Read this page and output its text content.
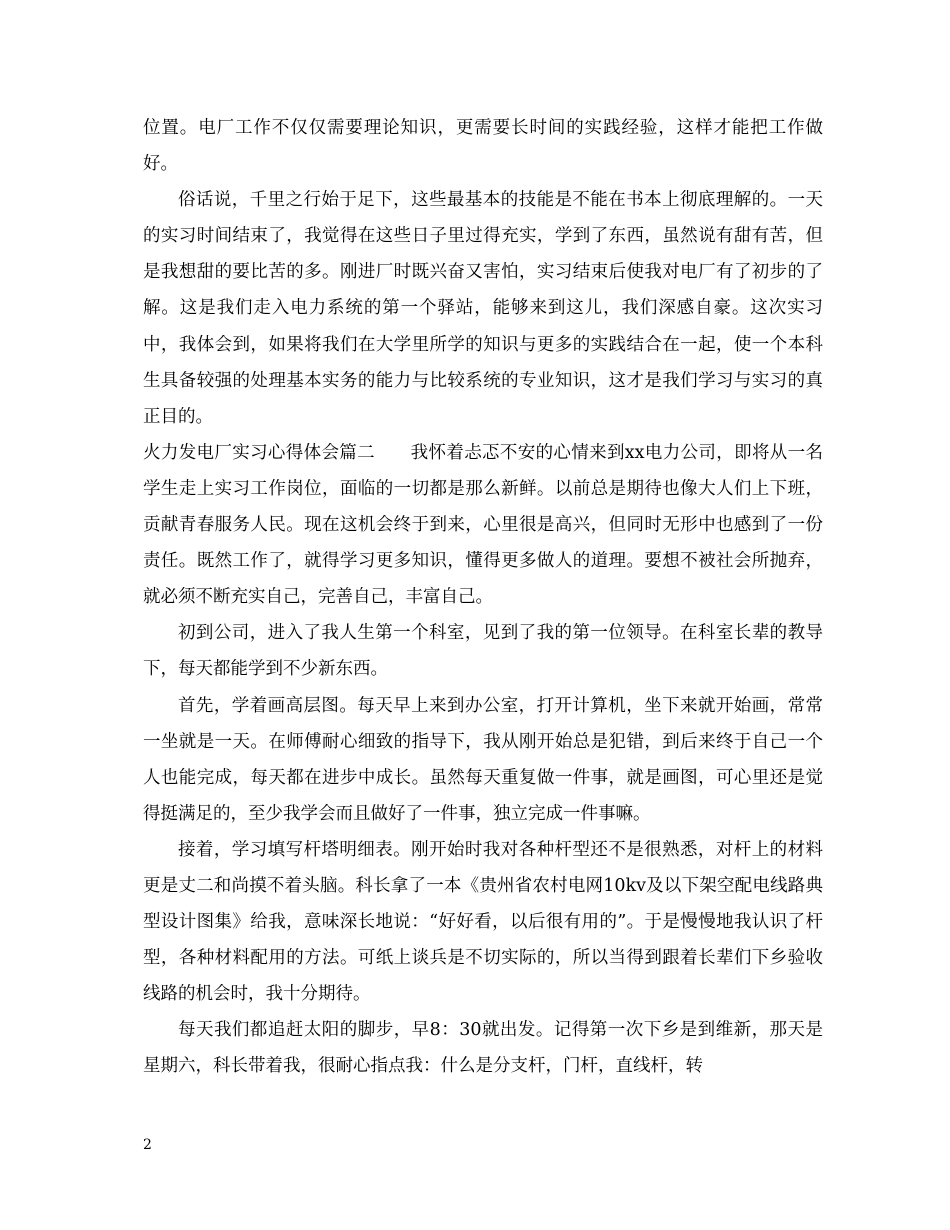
位置。电厂工作不仅仅需要理论知识，更需要长时间的实践经验，这样才能把工作做好。

俗话说，千里之行始于足下，这些最基本的技能是不能在书本上彻底理解的。一天的实习时间结束了，我觉得在这些日子里过得充实，学到了东西，虽然说有甜有苦，但是我想甜的要比苦的多。刚进厂时既兴奋又害怕，实习结束后使我对电厂有了初步的了解。这是我们走入电力系统的第一个驿站，能够来到这儿，我们深感自豪。这次实习中，我体会到，如果将我们在大学里所学的知识与更多的实践结合在一起，使一个本科生具备较强的处理基本实务的能力与比较系统的专业知识，这才是我们学习与实习的真正目的。

火力发电厂实习心得体会篇二　　我怀着忐忑不安的心情来到xx电力公司，即将从一名学生走上实习工作岗位，面临的一切都是那么新鲜。以前总是期待也像大人们上下班，贡献青春服务人民。现在这机会终于到来，心里很是高兴，但同时无形中也感到了一份责任。既然工作了，就得学习更多知识，懂得更多做人的道理。要想不被社会所抛弃，就必须不断充实自己，完善自己，丰富自己。

初到公司，进入了我人生第一个科室，见到了我的第一位领导。在科室长辈的教导下，每天都能学到不少新东西。

首先，学着画高层图。每天早上来到办公室，打开计算机，坐下来就开始画，常常一坐就是一天。在师傅耐心细致的指导下，我从刚开始总是犯错，到后来终于自己一个人也能完成，每天都在进步中成长。虽然每天重复做一件事，就是画图，可心里还是觉得挺满足的，至少我学会而且做好了一件事，独立完成一件事嘛。

接着，学习填写杆塔明细表。刚开始时我对各种杆型还不是很熟悉，对杆上的材料更是丈二和尚摸不着头脑。科长拿了一本《贵州省农村电网10kv及以下架空配电线路典型设计图集》给我，意味深长地说：“好好看，以后很有用的”。于是慢慢地我认识了杆型，各种材料配用的方法。可纸上谈兵是不切实际的，所以当得到跟着长辈们下乡验收线路的机会时，我十分期待。

每天我们都追赶太阳的脚步，早8：30就出发。记得第一次下乡是到维新，那天是星期六，科长带着我，很耐心指点我：什么是分支杆，门杆，直线杆，转

2
